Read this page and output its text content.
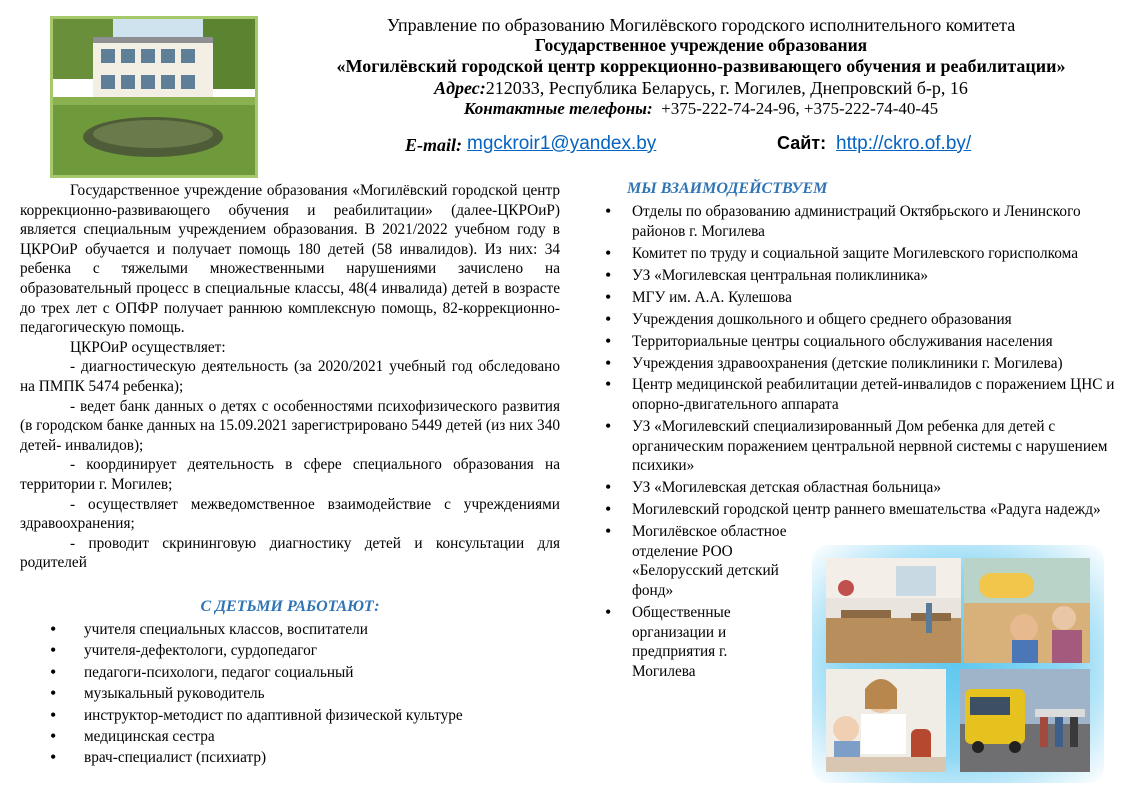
Управление по образованию Могилёвского городского исполнительного комитета
Государственное учреждение образования
«Могилёвский городской центр коррекционно-развивающего обучения и реабилитации»
Адрес:212033, Республика Беларусь, г. Могилев, Днепровский б-р, 16
Контактные телефоны: +375-222-74-24-96, +375-222-74-40-45
E-mail: mgckroir1@yandex.by	Сайт: http://ckro.of.by/

Государственное учреждение образования «Могилёвский городской центр коррекционно-развивающего обучения и реабилитации» (далее-ЦКРОиР) является специальным учреждением образования. В 2021/2022 учебном году в ЦКРОиР обучается и получает помощь 180 детей (58 инвалидов). Из них: 34 ребенка с тяжелыми множественными нарушениями зачислено на образовательный процесс в специальные классы, 48(4 инвалида) детей в возрасте до трех лет с ОПФР получает раннюю комплексную помощь, 82-коррекционно-педагогическую помощь.

ЦКРОиР осуществляет:

- диагностическую деятельность (за 2020/2021 учебный год обследовано на ПМПК 5474 ребенка);

- ведет банк данных о детях с особенностями психофизического развития (в городском банке данных на 15.09.2021 зарегистрировано 5449 детей (из них 340 детей- инвалидов);

- координирует деятельность в сфере специального образования на территории г. Могилев;

- осуществляет межведомственное взаимодействие с учреждениями здравоохранения;

- проводит скрининговую диагностику детей и консультации для родителей

С ДЕТЬМИ РАБОТАЮТ:
• учителя специальных классов, воспитатели
• учителя-дефектологи, сурдопедагог
• педагоги-психологи, педагог социальный
• музыкальный руководитель
• инструктор-методист по адаптивной физической культуре
• медицинская сестра
• врач-специалист (психиатр)
МЫ ВЗАИМОДЕЙСТВУЕМ
• Отделы по образованию администраций Октябрьского и Ленинского районов г. Могилева
• Комитет по труду и социальной защите Могилевского горисполкома
• УЗ «Могилевская центральная поликлиника»
• МГУ им. А.А. Кулешова
• Учреждения дошкольного и общего среднего образования
• Территориальные центры социального обслуживания населения
• Учреждения здравоохранения (детские поликлиники г. Могилева)
• Центр медицинской реабилитации детей-инвалидов с поражением ЦНС и опорно-двигательного аппарата
• УЗ «Могилевский специализированный Дом ребенка для детей с органическим поражением центральной нервной системы с нарушением психики»
• УЗ «Могилевская детская областная больница»
• Могилевский городской центр раннего вмешательства «Радуга надежд»
• Могилёвское областное отделение РОО «Белорусский детский фонд»
• Общественные организации и предприятия г. Могилева
